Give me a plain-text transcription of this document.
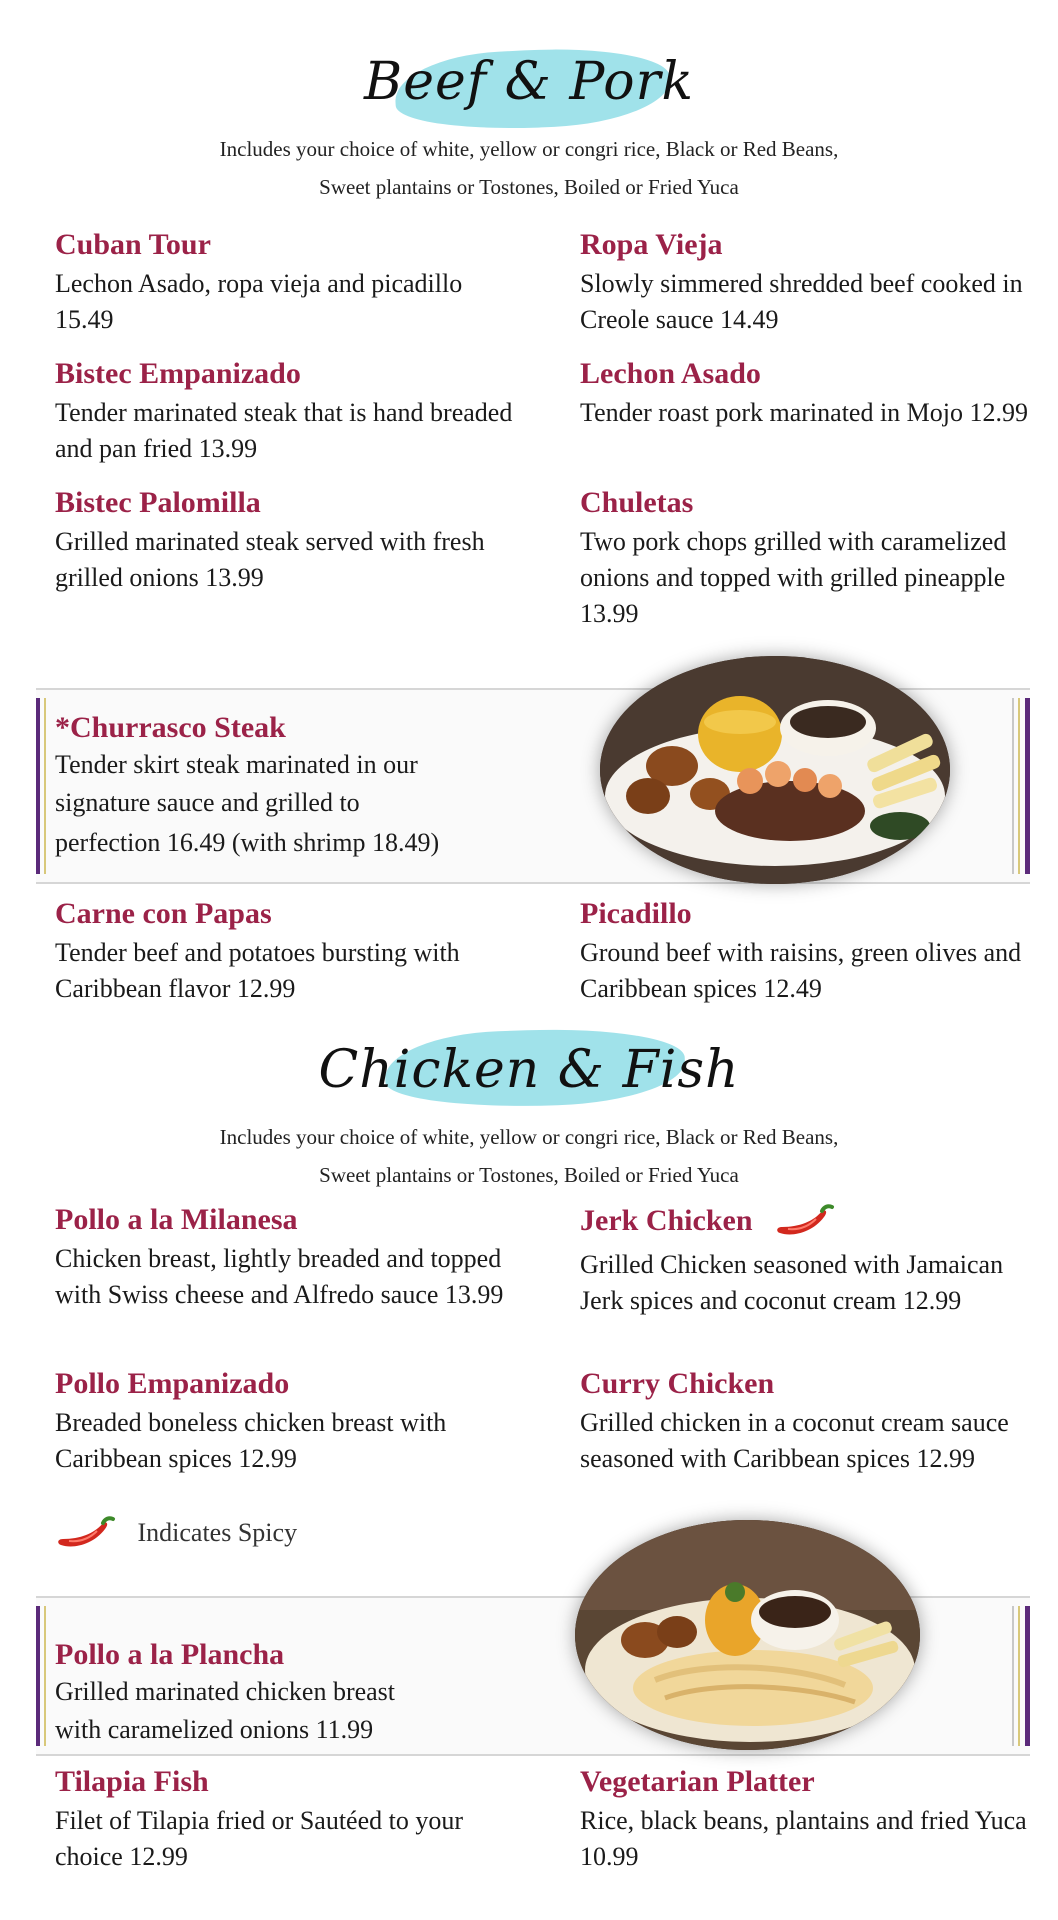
Beef & Pork
Includes your choice of white, yellow or congri rice, Black or Red Beans,
Sweet plantains or Tostones, Boiled or Fried Yuca
Cuban Tour
Lechon Asado, ropa vieja and picadillo 15.49
Ropa Vieja
Slowly simmered shredded beef cooked in Creole sauce 14.49
Bistec Empanizado
Tender marinated steak that is hand breaded and pan fried 13.99
Lechon Asado
Tender roast pork marinated in Mojo 12.99
Bistec Palomilla
Grilled marinated steak served with fresh grilled onions 13.99
Chuletas
Two pork chops grilled with caramelized onions and topped with grilled pineapple 13.99
*Churrasco Steak
Tender skirt steak marinated in our
signature sauce and grilled to
perfection 16.49 (with shrimp 18.49)
Carne con Papas
Tender beef and potatoes bursting with Caribbean flavor 12.99
Picadillo
Ground beef with raisins, green olives and Caribbean spices 12.49
Chicken & Fish
Includes your choice of white, yellow or congri rice, Black or Red Beans,
Sweet plantains or Tostones, Boiled or Fried Yuca
Pollo a la Milanesa
Chicken breast, lightly breaded and topped with Swiss cheese and Alfredo sauce 13.99
Jerk Chicken
Grilled Chicken seasoned with Jamaican Jerk spices and coconut cream 12.99
Pollo Empanizado
Breaded boneless chicken breast with Caribbean spices 12.99
Curry Chicken
Grilled chicken in a coconut cream sauce seasoned with Caribbean spices 12.99
Indicates Spicy
Pollo a la Plancha
Grilled marinated chicken breast
with caramelized onions 11.99
Tilapia Fish
Filet of Tilapia fried or Sautéed to your choice 12.99
Vegetarian Platter
Rice, black beans, plantains and fried Yuca 10.99
